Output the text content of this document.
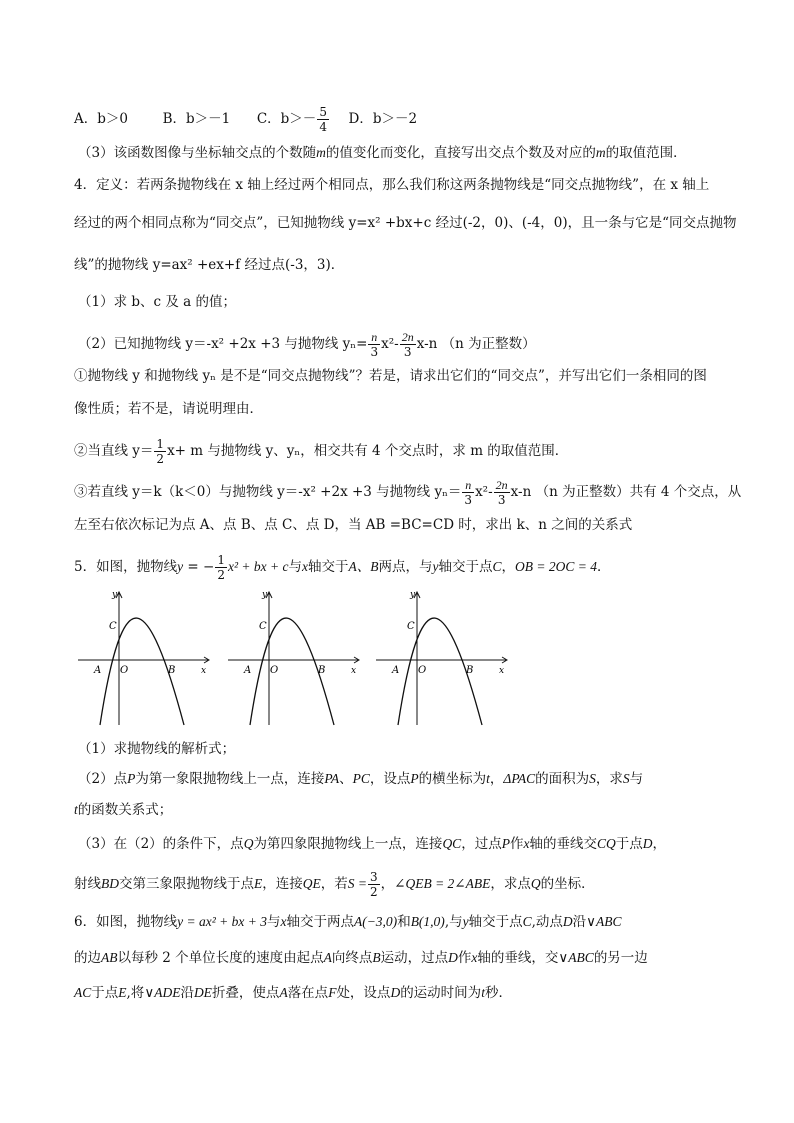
A．b＞0	B．b＞－1 C．$b>- \frac{5}{4}$ D．b＞－2
（3）该函数图像与坐标轴交点的个数随m的值变化而变化，直接写出交点个数及对应的m的取值范围．
4．定义：若两条抛物线在 x 轴上经过两个相同点，那么我们称这两条抛物线是“同交点抛物线”，在 x 轴上
经过的两个相同点称为“同交点”，已知抛物线 y=x² +bx+c 经过(-2，0)、(-4，0)，且一条与它是“同交点抛物
线”的抛物线 y=ax² +ex+f 经过点(-3，3)．
（1）求 b、c 及 a 的值；
（2）已知抛物线 y＝-x² +2x +3 与抛物线 $y_n= \frac{n}{3} x^2- \frac{2n}{3} x-n$ （n 为正整数）
①抛物线 y 和抛物线 yₙ 是不是“同交点抛物线”？若是，请求出它们的“同交点”，并写出它们一条相同的图
像性质；若不是，请说明理由．
②当直线 $y= \frac{1}{2} x+ m$ 与抛物线 y、yₙ，相交共有 4 个交点时，求 m 的取值范围．
③若直线 y＝k（k＜0）与抛物线 y＝-x² +2x +3 与抛物线 $y_n= \frac{n}{3} x^2- \frac{2n}{3} x-n$ （n 为正整数）共有 4 个交点，从
左至右依次标记为点 A、点 B、点 C、点 D，当 AB =BC=CD 时，求出 k、n 之间的关系式
5．如图，抛物线y = − $\frac{1}{2} x^2$ + bx + c与x轴交于A、B两点，与y轴交于点C，OB = 2OC = 4．
y
x
C
A O	B
y
x
C
A O	B
y
x
C
A O	B
（1）求抛物线的解析式；
（2）点P为第一象限抛物线上一点，连接PA、PC，设点P的横坐标为t，ΔPAC的面积为S，求S与
t的函数关系式；
（3）在（2）的条件下，点Q为第四象限抛物线上一点，连接QC，过点P作x轴的垂线交CQ于点D，
射线BD交第三象限抛物线于点E，连接QE，若$S = \frac{3}{2}$ ，∠QEB = 2∠ABE，求点Q的坐标．
6．如图，抛物线y = ax² + bx + 3与x轴交于两点A(−3,0)和B(1,0),与y轴交于点C,动点D沿∨ABC
的边AB以每秒 2 个单位长度的速度由起点A向终点B运动，过点D作x轴的垂线，交∨ABC的另一边
AC于点E,将∨ADE沿DE折叠，使点A落在点F处，设点D的运动时间为t秒．
